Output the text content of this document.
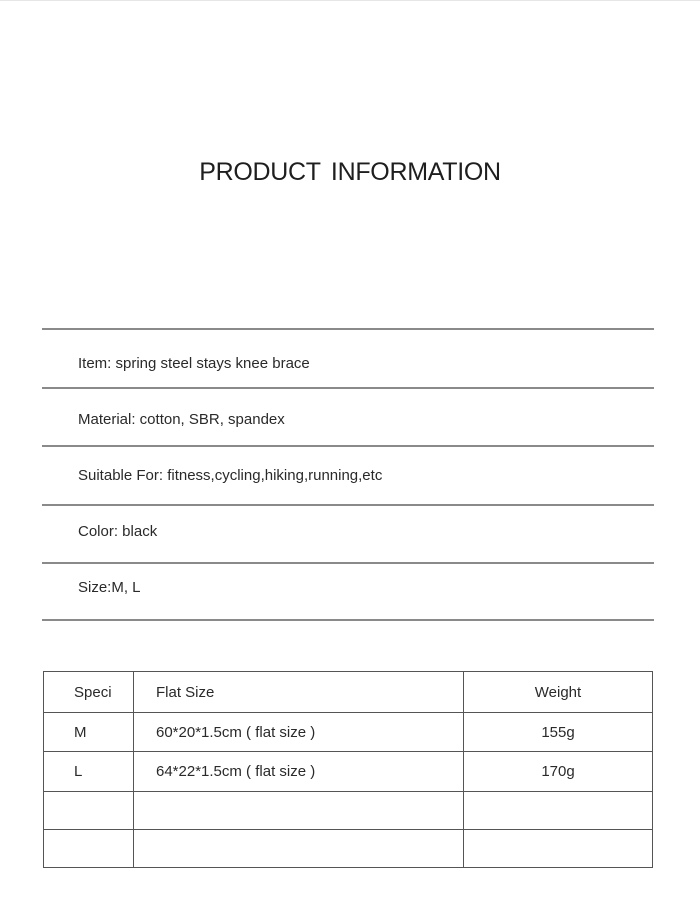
PRODUCT INFORMATION
Item: spring steel stays knee brace
Material: cotton, SBR, spandex
Suitable For: fitness,cycling,hiking,running,etc
Color: black
Size:M, L
Speci	Flat Size	Weight
M	60*20*1.5cm ( flat size )	155g
L	64*22*1.5cm ( flat size )	170g
